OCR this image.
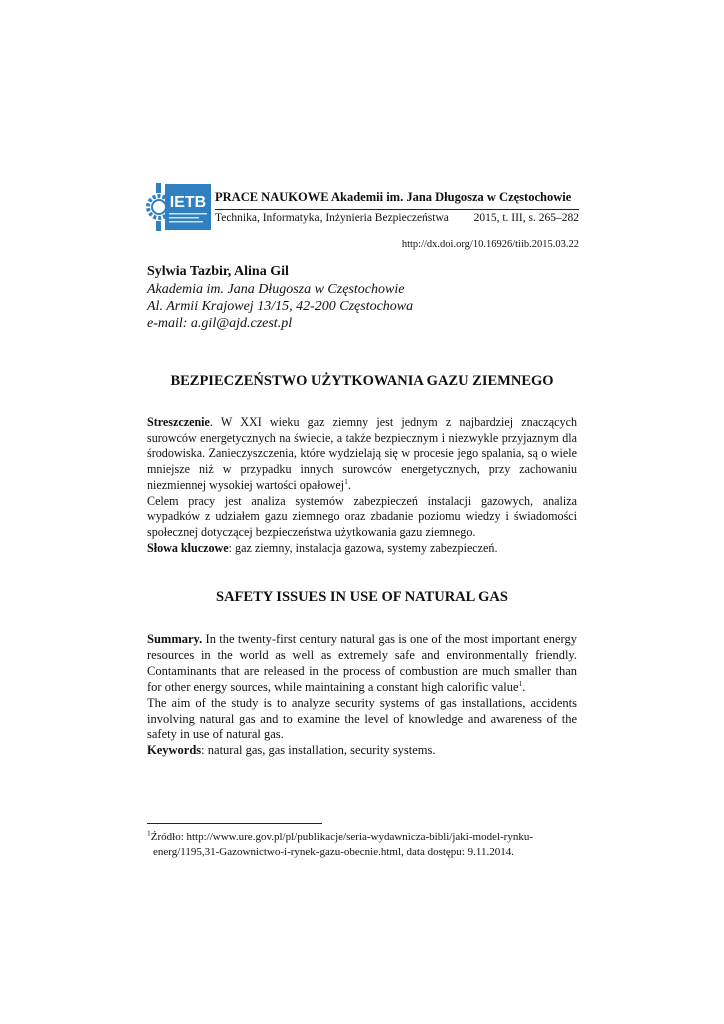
IETB PRACE NAUKOWE Akademii im. Jana Długosza w Częstochowie
Technika, Informatyka, Inżynieria Bezpieczeństwa 2015, t. III, s. 265–282
http://dx.doi.org/10.16926/tiib.2015.03.22
Sylwia Tazbir, Alina Gil
Akademia im. Jana Długosza w Częstochowie
Al. Armii Krajowej 13/15, 42-200 Częstochowa
e-mail: a.gil@ajd.czest.pl
BEZPIECZEŃSTWO UŻYTKOWANIA GAZU ZIEMNEGO

Streszczenie. W XXI wieku gaz ziemny jest jednym z najbardziej znaczących surowców energetycznych na świecie, a także bezpiecznym i niezwykle przyjaznym dla środowiska. Zanieczyszczenia, które wydzielają się w procesie jego spalania, są o wiele mniejsze niż w przypadku innych surowców energetycznych, przy zachowaniu niezmiennej wysokiej wartości opałowej$^1$.

Celem pracy jest analiza systemów zabezpieczeń instalacji gazowych, analiza wypadków z udziałem gazu ziemnego oraz zbadanie poziomu wiedzy i świadomości społecznej dotyczącej bezpieczeństwa użytkowania gazu ziemnego.

Słowa kluczowe: gaz ziemny, instalacja gazowa, systemy zabezpieczeń.

SAFETY ISSUES IN USE OF NATURAL GAS

Summary. In the twenty-first century natural gas is one of the most important energy resources in the world as well as extremely safe and environmentally friendly. Contaminants that are released in the process of combustion are much smaller than for other energy sources, while maintaining a constant high calorific value$^1$.

The aim of the study is to analyze security systems of gas installations, accidents involving natural gas and to examine the level of knowledge and awareness of the safety in use of natural gas.

Keywords: natural gas, gas installation, security systems.

$^1$Źródło: http://www.ure.gov.pl/pl/publikacje/seria-wydawnicza-bibli/jaki-model-rynku-
energ/1195,31-Gazownictwo-i-rynek-gazu-obecnie.html, data dostępu: 9.11.2014.
